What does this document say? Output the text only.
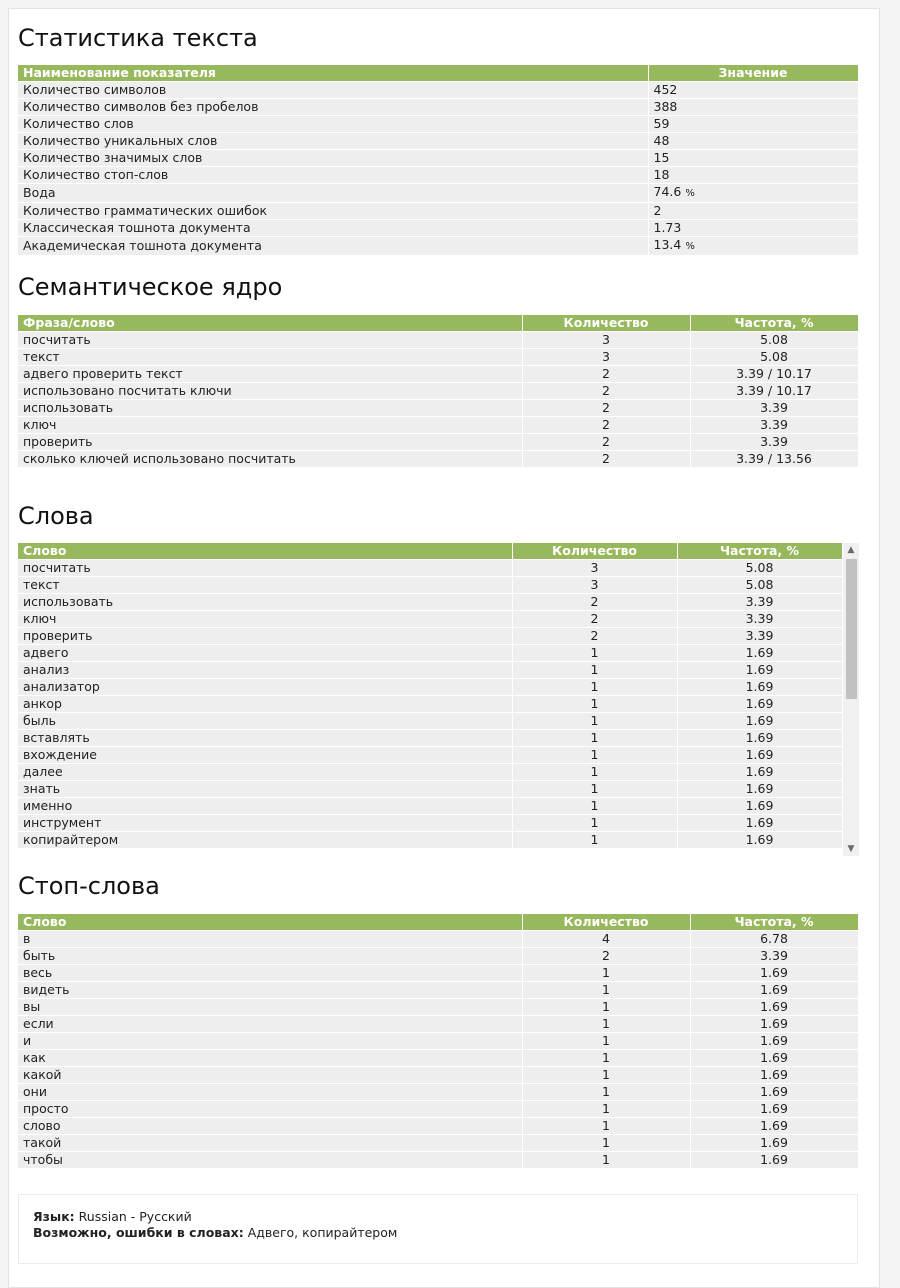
Статистика текста
Наименование показателя	Значение
Количество символов	452
Количество символов без пробелов	388
Количество слов	59
Количество уникальных слов	48
Количество значимых слов	15
Количество стоп-слов	18
Вода	74.6 %
Количество грамматических ошибок	2
Классическая тошнота документа	1.73
Академическая тошнота документа	13.4 %
Семантическое ядро
Фраза/слово	Количество	Частота, %
посчитать	3	5.08
текст	3	5.08
адвего проверить текст	2	3.39 / 10.17
использовано посчитать ключи	2	3.39 / 10.17
использовать	2	3.39
ключ	2	3.39
проверить	2	3.39
сколько ключей использовано посчитать	2	3.39 / 13.56
Слова
Слово	Количество	Частота, %
посчитать	3	5.08
текст	3	5.08
использовать	2	3.39
ключ	2	3.39
проверить	2	3.39
адвего	1	1.69
анализ	1	1.69
анализатор	1	1.69
анкор	1	1.69
быль	1	1.69
вставлять	1	1.69
вхождение	1	1.69
далее	1	1.69
знать	1	1.69
именно	1	1.69
инструмент	1	1.69
копирайтером	1	1.69
▲
▼
Стоп-слова
Слово	Количество	Частота, %
в	4	6.78
быть	2	3.39
весь	1	1.69
видеть	1	1.69
вы	1	1.69
если	1	1.69
и	1	1.69
как	1	1.69
какой	1	1.69
они	1	1.69
просто	1	1.69
слово	1	1.69
такой	1	1.69
чтобы	1	1.69
Язык: Russian - Русский
Возможно, ошибки в словах: Адвего, копирайтером
